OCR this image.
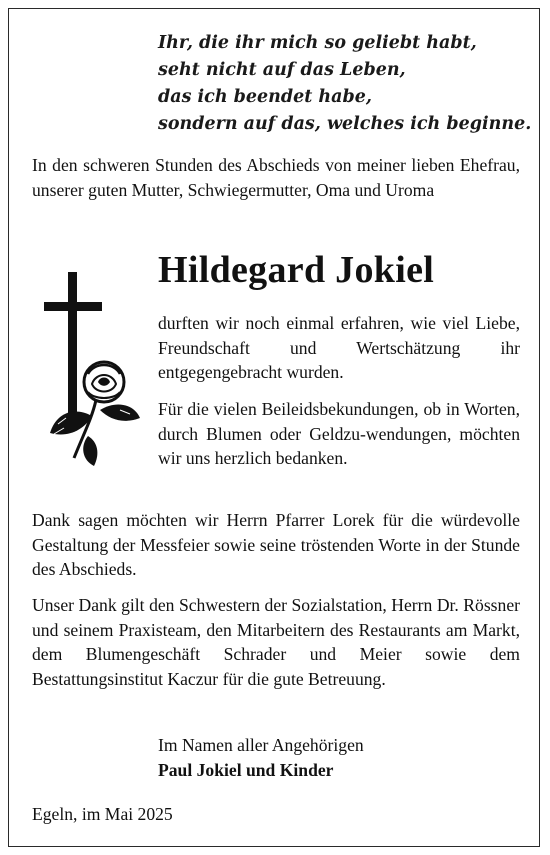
Ihr, die ihr mich so geliebt habt,
seht nicht auf das Leben,
das ich beendet habe,
sondern auf das, welches ich beginne.
In den schweren Stunden des Abschieds von meiner lieben Ehefrau, unserer guten Mutter, Schwiegermutter, Oma und Uroma
Hildegard Jokiel
durften wir noch einmal erfahren, wie viel Liebe, Freundschaft und Wertschätzung ihr entgegengebracht wurden.
Für die vielen Beileidsbekundungen, ob in Worten, durch Blumen oder Geldzu-wendungen, möchten wir uns herzlich bedanken.
Dank sagen möchten wir Herrn Pfarrer Lorek für die würdevolle Gestaltung der Messfeier sowie seine tröstenden Worte in der Stunde des Abschieds.
Unser Dank gilt den Schwestern der Sozialstation, Herrn Dr. Rössner und seinem Praxisteam, den Mitarbeitern des Restaurants am Markt, dem Blumengeschäft Schrader und Meier sowie dem Bestattungsinstitut Kaczur für die gute Betreuung.
Im Namen aller Angehörigen
Paul Jokiel und Kinder
Egeln, im Mai 2025
